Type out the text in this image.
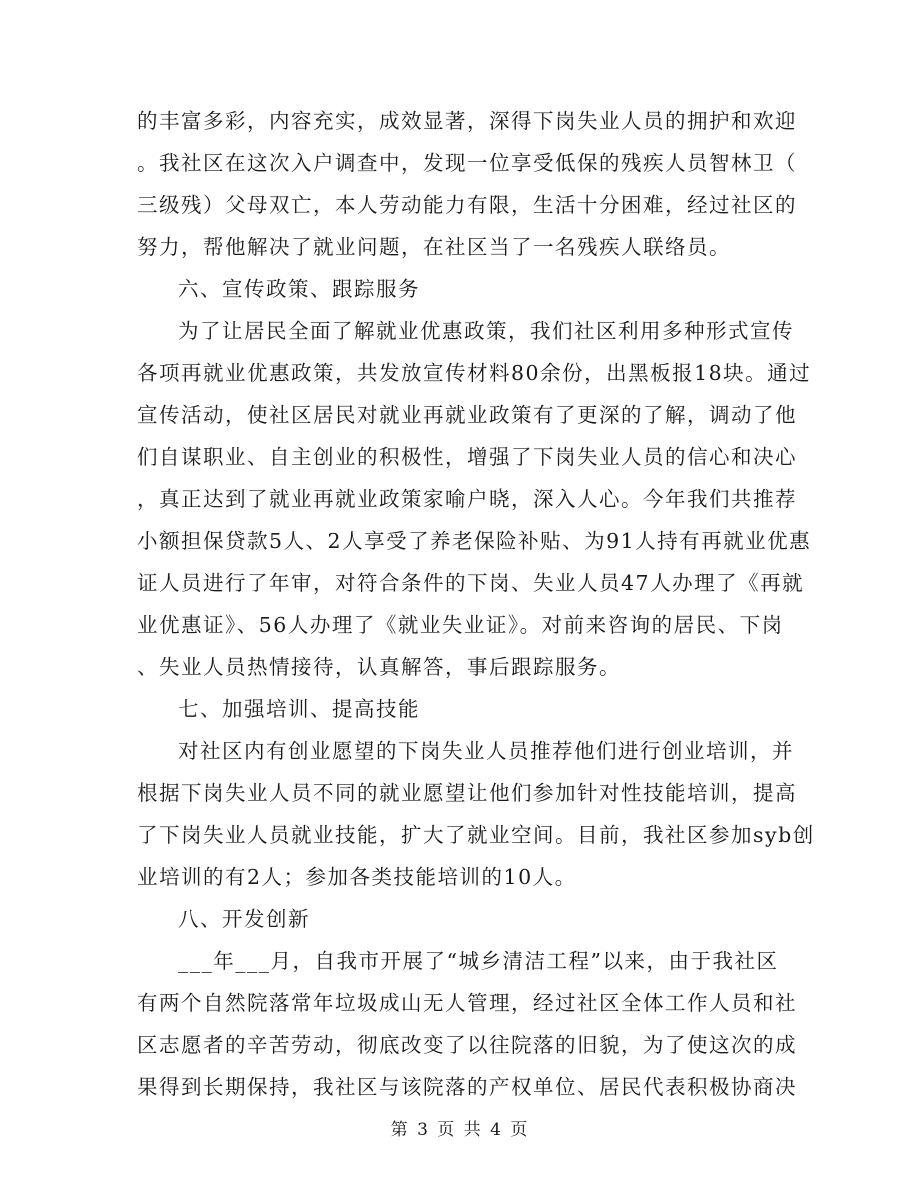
的丰富多彩，内容充实，成效显著，深得下岗失业人员的拥护和欢迎
。我社区在这次入户调查中，发现一位享受低保的残疾人员智林卫（
三级残）父母双亡，本人劳动能力有限，生活十分困难，经过社区的
努力，帮他解决了就业问题，在社区当了一名残疾人联络员。
六、宣传政策、跟踪服务
为了让居民全面了解就业优惠政策，我们社区利用多种形式宣传
各项再就业优惠政策，共发放宣传材料80余份，出黑板报18块。通过
宣传活动，使社区居民对就业再就业政策有了更深的了解，调动了他
们自谋职业、自主创业的积极性，增强了下岗失业人员的信心和决心
，真正达到了就业再就业政策家喻户晓，深入人心。今年我们共推荐
小额担保贷款5人、2人享受了养老保险补贴、为91人持有再就业优惠
证人员进行了年审，对符合条件的下岗、失业人员47人办理了《再就
业优惠证》、56人办理了《就业失业证》。对前来咨询的居民、下岗
、失业人员热情接待，认真解答，事后跟踪服务。
七、加强培训、提高技能
对社区内有创业愿望的下岗失业人员推荐他们进行创业培训，并
根据下岗失业人员不同的就业愿望让他们参加针对性技能培训，提高
了下岗失业人员就业技能，扩大了就业空间。目前，我社区参加syb创
业培训的有2人；参加各类技能培训的10人。
八、开发创新
___年___月，自我市开展了“城乡清洁工程”以来，由于我社区
有两个自然院落常年垃圾成山无人管理，经过社区全体工作人员和社
区志愿者的辛苦劳动，彻底改变了以往院落的旧貌，为了使这次的成
果得到长期保持，我社区与该院落的产权单位、居民代表积极协商决
第 3 页 共 4 页
